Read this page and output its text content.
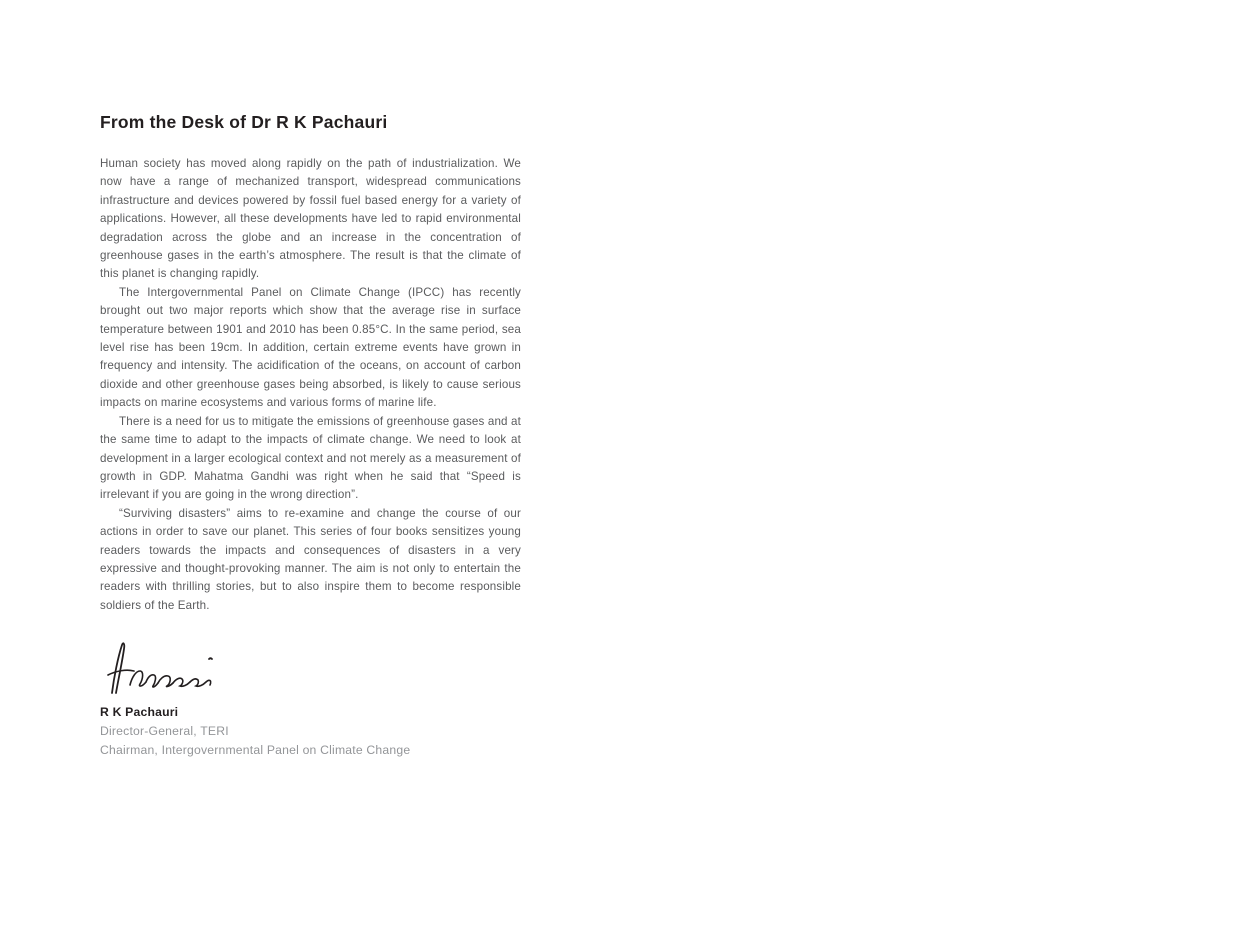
From the Desk of Dr R K Pachauri

Human society has moved along rapidly on the path of industrialization. We now have a range of mechanized transport, widespread communications infrastructure and devices powered by fossil fuel based energy for a variety of applications. However, all these developments have led to rapid environmental degradation across the globe and an increase in the concentration of greenhouse gases in the earth’s atmosphere. The result is that the climate of this planet is changing rapidly.

The Intergovernmental Panel on Climate Change (IPCC) has recently brought out two major reports which show that the average rise in surface temperature between 1901 and 2010 has been 0.85°C. In the same period, sea level rise has been 19cm. In addition, certain extreme events have grown in frequency and intensity. The acidification of the oceans, on account of carbon dioxide and other greenhouse gases being absorbed, is likely to cause serious impacts on marine ecosystems and various forms of marine life.

There is a need for us to mitigate the emissions of greenhouse gases and at the same time to adapt to the impacts of climate change. We need to look at development in a larger ecological context and not merely as a measurement of growth in GDP. Mahatma Gandhi was right when he said that “Speed is irrelevant if you are going in the wrong direction”.

“Surviving disasters” aims to re-examine and change the course of our actions in order to save our planet. This series of four books sensitizes young readers towards the impacts and consequences of disasters in a very expressive and thought-provoking manner. The aim is not only to entertain the readers with thrilling stories, but to also inspire them to become responsible soldiers of the Earth.

R K Pachauri
Director-General, TERI
Chairman, Intergovernmental Panel on Climate Change
